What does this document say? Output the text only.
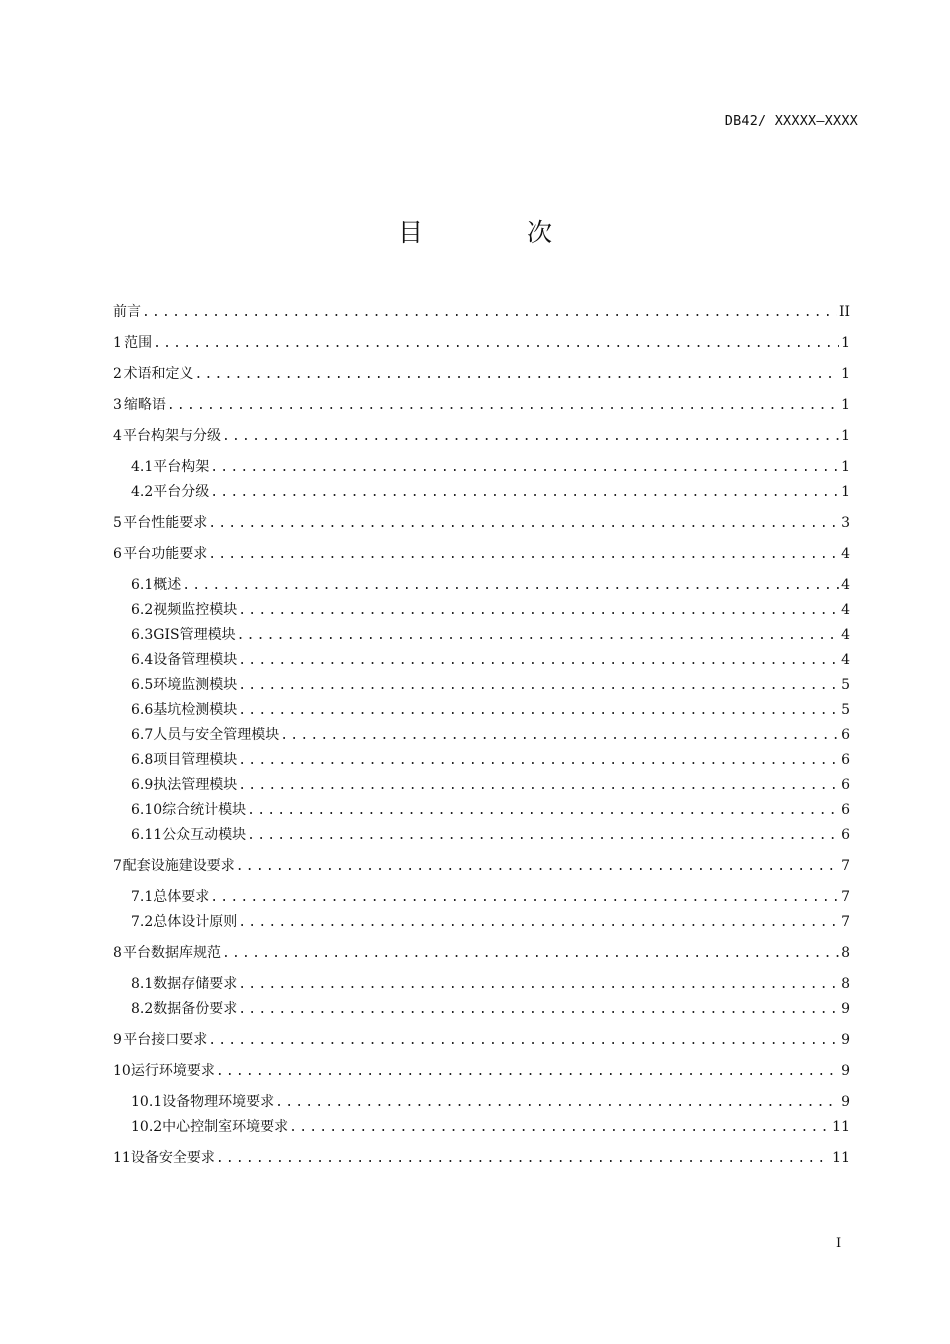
DB42/ XXXXX—XXXX
目 次
前言 .....	II
1 范围 .....	1
2 术语和定义 .....	1
3 缩略语 .....	1
4 平台构架与分级 .....	1
4.1 平台构架 .....	1
4.2 平台分级 .....	1
5 平台性能要求 .....	3
6 平台功能要求 .....	4
6.1 概述 .....	4
6.2 视频监控模块 .....	4
6.3 GIS管理模块 .....	4
6.4 设备管理模块 .....	4
6.5 环境监测模块 .....	5
6.6 基坑检测模块 .....	5
6.7 人员与安全管理模块 .....	6
6.8 项目管理模块 .....	6
6.9 执法管理模块 .....	6
6.10 综合统计模块 .....	6
6.11 公众互动模块 .....	6
7 配套设施建设要求 .....	7
7.1 总体要求 .....	7
7.2 总体设计原则 .....	7
8 平台数据库规范 .....	8
8.1 数据存储要求 .....	8
8.2 数据备份要求 .....	9
9 平台接口要求 .....	9
10 运行环境要求 .....	9
10.1 设备物理环境要求 .....	9
10.2 中心控制室环境要求 .....	11
11 设备安全要求 .....	11
I
